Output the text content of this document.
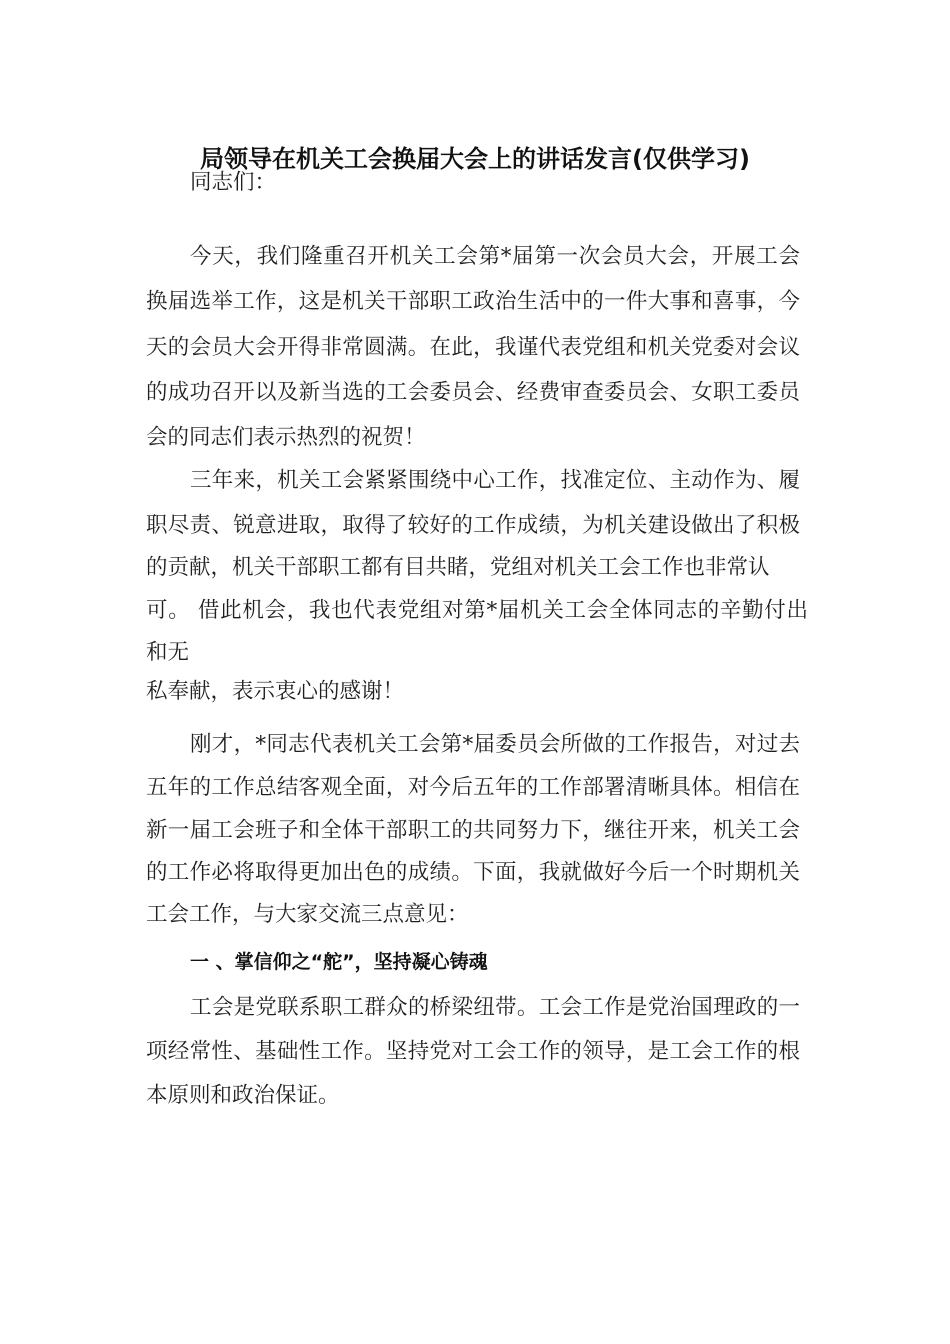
局领导在机关工会换届大会上的讲话发言(仅供学习)
同志们：
今天，我们隆重召开机关工会第*届第一次会员大会，开展工会
换届选举工作，这是机关干部职工政治生活中的一件大事和喜事，今
天的会员大会开得非常圆满。在此，我谨代表党组和机关党委对会议
的成功召开以及新当选的工会委员会、经费审查委员会、女职工委员
会的同志们表示热烈的祝贺！
三年来，机关工会紧紧围绕中心工作，找准定位、主动作为、履
职尽责、锐意进取，取得了较好的工作成绩，为机关建设做出了积极
的贡献，机关干部职工都有目共睹，党组对机关工会工作也非常认
可。 借此机会，我也代表党组对第*届机关工会全体同志的辛勤付出
和无
私奉献，表示衷心的感谢！
刚才，*同志代表机关工会第*届委员会所做的工作报告，对过去
五年的工作总结客观全面，对今后五年的工作部署清晰具体。相信在
新一届工会班子和全体干部职工的共同努力下，继往开来，机关工会
的工作必将取得更加出色的成绩。下面，我就做好今后一个时期机关
工会工作，与大家交流三点意见：
一 、掌信仰之“舵”，坚持凝心铸魂
工会是党联系职工群众的桥梁纽带。工会工作是党治国理政的一
项经常性、基础性工作。坚持党对工会工作的领导，是工会工作的根
本原则和政治保证。
